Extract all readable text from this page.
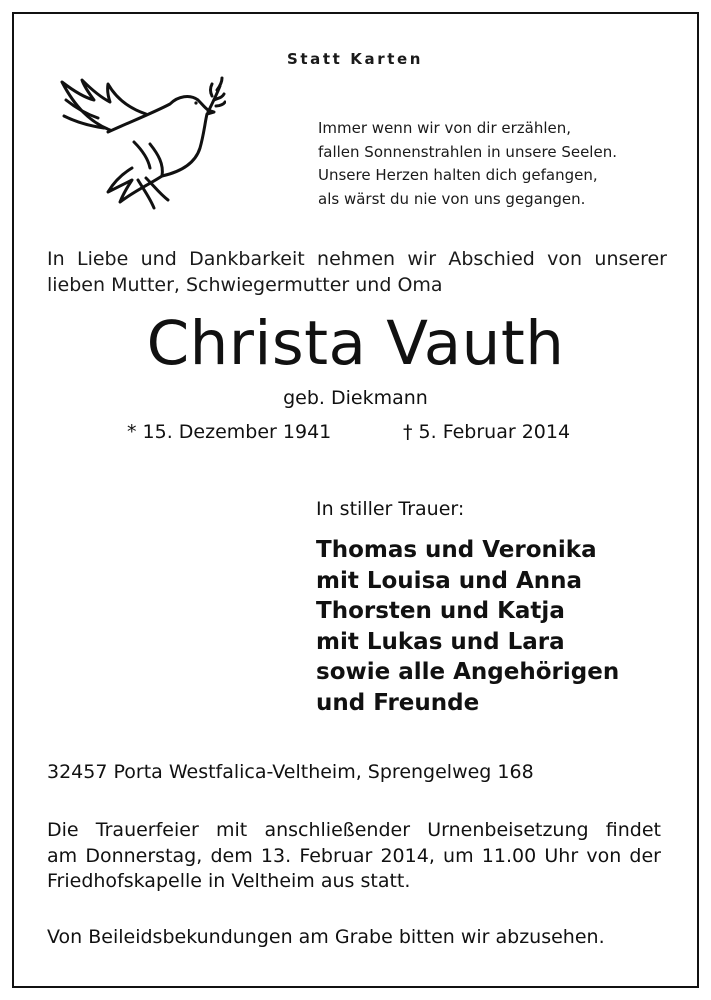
Statt Karten
Immer wenn wir von dir erzählen,
fallen Sonnenstrahlen in unsere Seelen.
Unsere Herzen halten dich gefangen,
als wärst du nie von uns gegangen.
In Liebe und Dankbarkeit nehmen wir Abschied von unserer
lieben Mutter, Schwiegermutter und Oma
Christa Vauth
geb. Diekmann
* 15. Dezember 1941	† 5. Februar 2014
In stiller Trauer:
Thomas und Veronika
mit Louisa und Anna
Thorsten und Katja
mit Lukas und Lara
sowie alle Angehörigen
und Freunde
32457 Porta Westfalica-Veltheim, Sprengelweg 168
Die Trauerfeier mit anschließender Urnenbeisetzung findet
am Donnerstag, dem 13. Februar 2014, um 11.00 Uhr von der
Friedhofskapelle in Veltheim aus statt.
Von Beileidsbekundungen am Grabe bitten wir abzusehen.
